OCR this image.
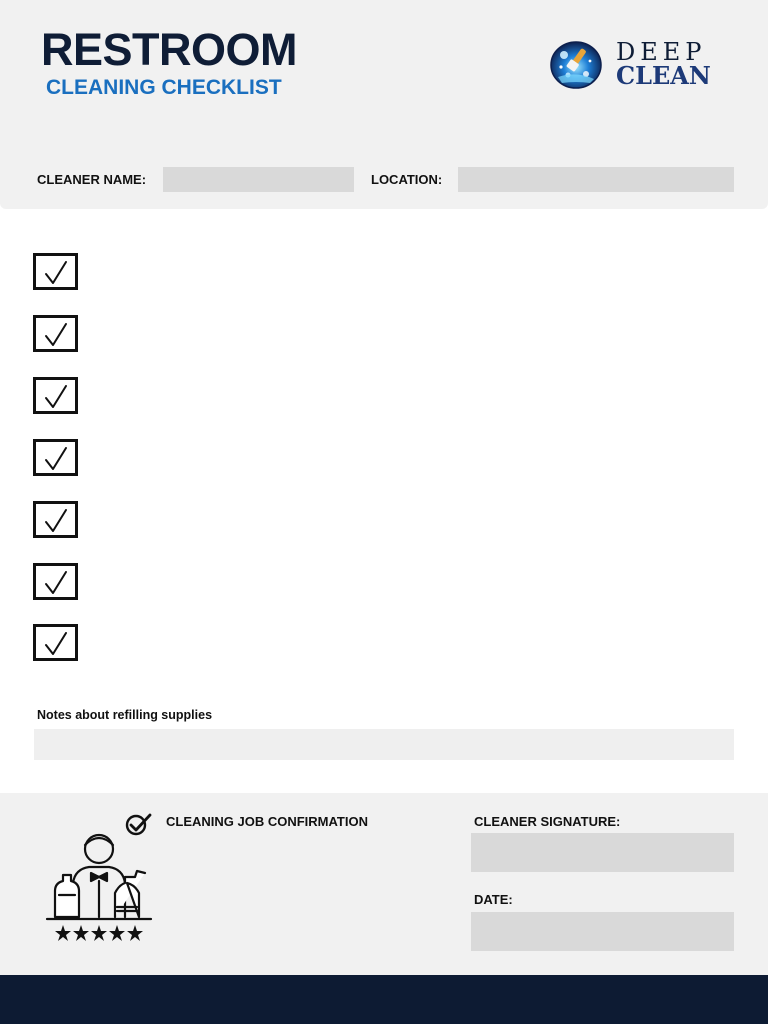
RESTROOM
CLEANING CHECKLIST
DEEP
CLEAN
CLEANER NAME:	LOCATION:
Notes about refilling supplies
CLEANING JOB CONFIRMATION	CLEANER SIGNATURE:
DATE:
